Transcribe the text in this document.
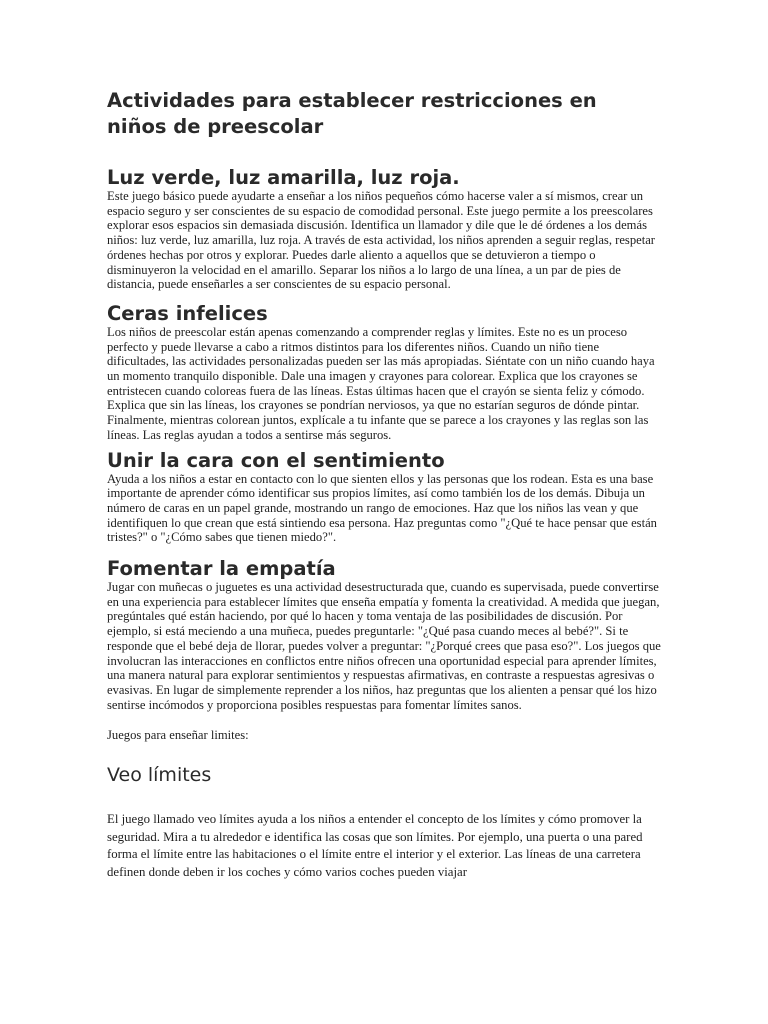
Actividades para establecer restricciones en niños de preescolar
Luz verde, luz amarilla, luz roja.

Este juego básico puede ayudarte a enseñar a los niños pequeños cómo hacerse valer a sí mismos, crear un espacio seguro y ser conscientes de su espacio de comodidad personal. Este juego permite a los preescolares explorar esos espacios sin demasiada discusión. Identifica un llamador y dile que le dé órdenes a los demás niños: luz verde, luz amarilla, luz roja. A través de esta actividad, los niños aprenden a seguir reglas, respetar órdenes hechas por otros y explorar. Puedes darle aliento a aquellos que se detuvieron a tiempo o disminuyeron la velocidad en el amarillo. Separar los niños a lo largo de una línea, a un par de pies de distancia, puede enseñarles a ser conscientes de su espacio personal.

Ceras infelices

Los niños de preescolar están apenas comenzando a comprender reglas y límites. Este no es un proceso perfecto y puede llevarse a cabo a ritmos distintos para los diferentes niños. Cuando un niño tiene dificultades, las actividades personalizadas pueden ser las más apropiadas. Siéntate con un niño cuando haya un momento tranquilo disponible. Dale una imagen y crayones para colorear. Explica que los crayones se entristecen cuando coloreas fuera de las líneas. Estas últimas hacen que el crayón se sienta feliz y cómodo. Explica que sin las líneas, los crayones se pondrían nerviosos, ya que no estarían seguros de dónde pintar. Finalmente, mientras colorean juntos, explícale a tu infante que se parece a los crayones y las reglas son las líneas. Las reglas ayudan a todos a sentirse más seguros.

Unir la cara con el sentimiento

Ayuda a los niños a estar en contacto con lo que sienten ellos y las personas que los rodean. Esta es una base importante de aprender cómo identificar sus propios límites, así como también los de los demás. Dibuja un número de caras en un papel grande, mostrando un rango de emociones. Haz que los niños las vean y que identifiquen lo que crean que está sintiendo esa persona. Haz preguntas como "¿Qué te hace pensar que están tristes?" o "¿Cómo sabes que tienen miedo?".

Fomentar la empatía

Jugar con muñecas o juguetes es una actividad desestructurada que, cuando es supervisada, puede convertirse en una experiencia para establecer límites que enseña empatía y fomenta la creatividad. A medida que juegan, pregúntales qué están haciendo, por qué lo hacen y toma ventaja de las posibilidades de discusión. Por ejemplo, si está meciendo a una muñeca, puedes preguntarle: "¿Qué pasa cuando meces al bebé?". Si te responde que el bebé deja de llorar, puedes volver a preguntar: "¿Porqué crees que pasa eso?". Los juegos que involucran las interacciones en conflictos entre niños ofrecen una oportunidad especial para aprender límites, una manera natural para explorar sentimientos y respuestas afirmativas, en contraste a respuestas agresivas o evasivas. En lugar de simplemente reprender a los niños, haz preguntas que los alienten a pensar qué los hizo sentirse incómodos y proporciona posibles respuestas para fomentar límites sanos.

Juegos para enseñar limites:

Veo límites

El juego llamado veo límites ayuda a los niños a entender el concepto de los límites y cómo promover la seguridad. Mira a tu alrededor e identifica las cosas que son límites. Por ejemplo, una puerta o una pared forma el límite entre las habitaciones o el límite entre el interior y el exterior. Las líneas de una carretera definen donde deben ir los coches y cómo varios coches pueden viajar
